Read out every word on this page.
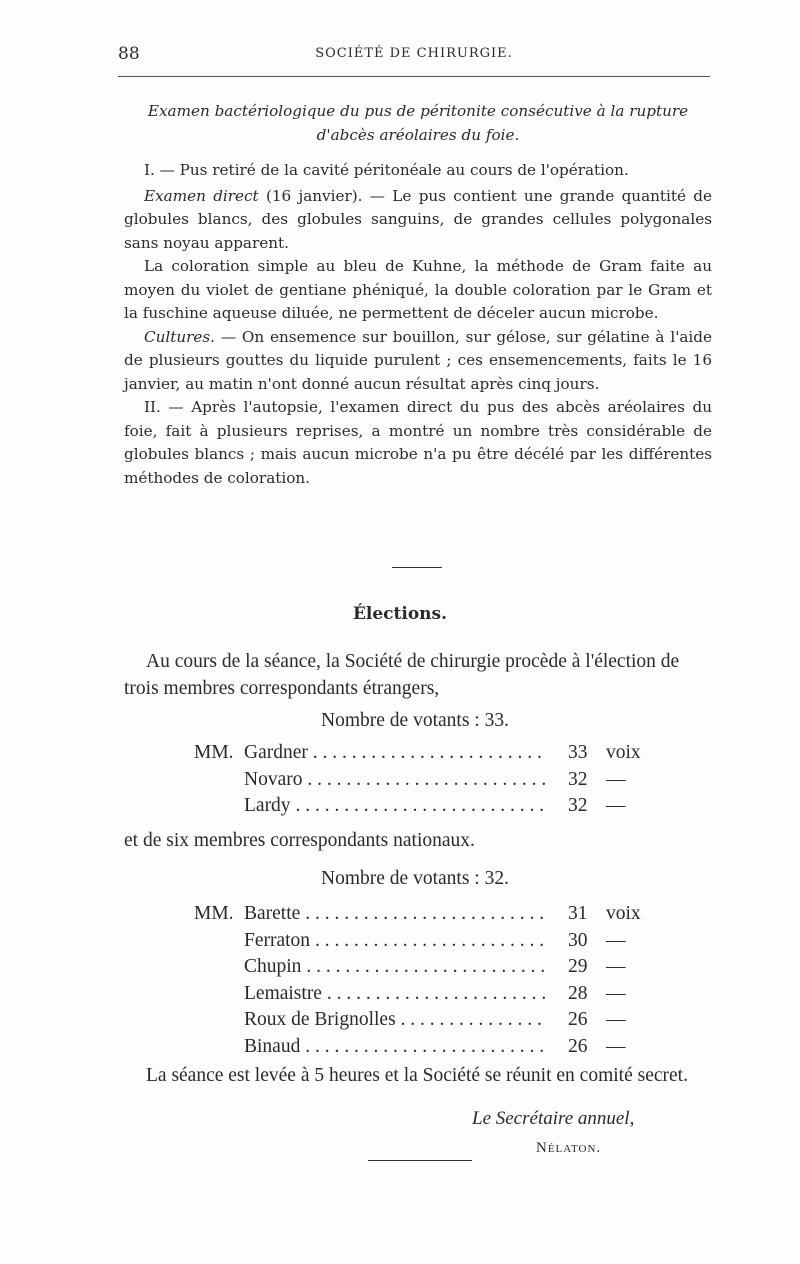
88	SOCIÉTÉ DE CHIRURGIE.

Examen bactériologique du pus de péritonite consécutive à la rupture d'abcès aréolaires du foie.

I. — Pus retiré de la cavité péritonéale au cours de l'opération.

Examen direct (16 janvier). — Le pus contient une grande quantité de globules blancs, des globules sanguins, de grandes cellules polygonales sans noyau apparent.

La coloration simple au bleu de Kuhne, la méthode de Gram faite au moyen du violet de gentiane phéniqué, la double coloration par le Gram et la fuschine aqueuse diluée, ne permettent de déceler aucun microbe.

Cultures. — On ensemence sur bouillon, sur gélose, sur gélatine à l'aide de plusieurs gouttes du liquide purulent ; ces ensemencements, faits le 16 janvier, au matin n'ont donné aucun résultat après cinq jours.

II. — Après l'autopsie, l'examen direct du pus des abcès aréolaires du foie, fait à plusieurs reprises, a montré un nombre très considérable de globules blancs ; mais aucun microbe n'a pu être décélé par les différentes méthodes de coloration.

Élections.

Au cours de la séance, la Société de chirurgie procède à l'élection de trois membres correspondants étrangers,

Nombre de votants : 33.
MM. Gardner . . .	33 voix
Novaro . . .	32 —
Lardy . . .	32 —
et de six membres correspondants nationaux.
Nombre de votants : 32.
MM. Barette . . .	31 voix
Ferraton . . .	30 —
Chupin . . .	29 —
Lemaistre . . .	28 —
Roux de Brignolles . . .	26 —
Binaud . . .	26 —

La séance est levée à 5 heures et la Société se réunit en comité secret.

Le Secrétaire annuel,
Nélaton.
